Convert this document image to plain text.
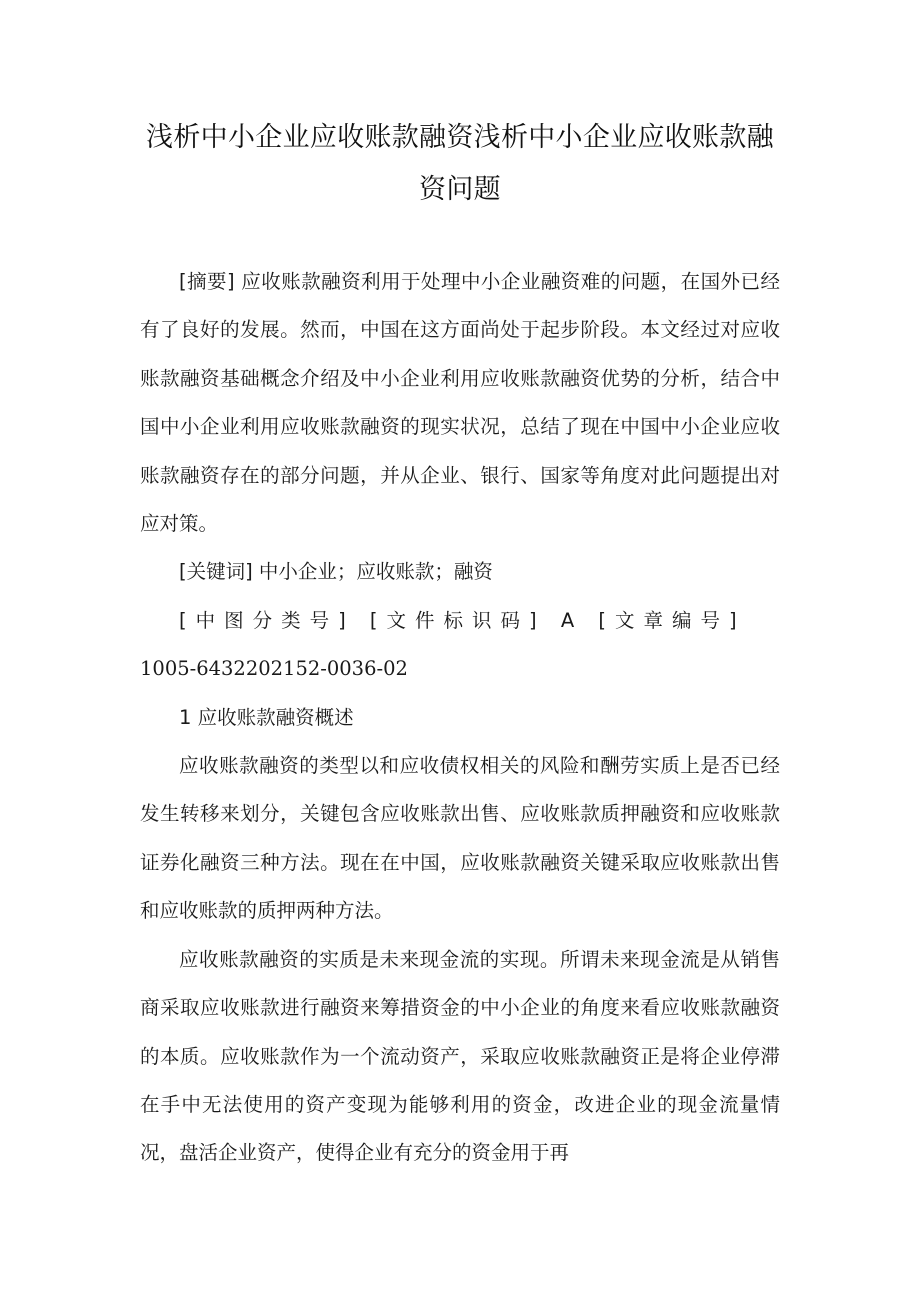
浅析中小企业应收账款融资浅析中小企业应收账款融资问题

[摘要] 应收账款融资利用于处理中小企业融资难的问题，在国外已经有了良好的发展。然而，中国在这方面尚处于起步阶段。本文经过对应收账款融资基础概念介绍及中小企业利用应收账款融资优势的分析，结合中国中小企业利用应收账款融资的现实状况，总结了现在中国中小企业应收账款融资存在的部分问题，并从企业、银行、国家等角度对此问题提出对应对策。

[关键词] 中小企业；应收账款；融资

[中图分类号] [文件标识码] A [文章编号]

1005-6432202152-0036-02

1 应收账款融资概述

应收账款融资的类型以和应收债权相关的风险和酬劳实质上是否已经发生转移来划分，关键包含应收账款出售、应收账款质押融资和应收账款证券化融资三种方法。现在在中国，应收账款融资关键采取应收账款出售和应收账款的质押两种方法。

应收账款融资的实质是未来现金流的实现。所谓未来现金流是从销售商采取应收账款进行融资来筹措资金的中小企业的角度来看应收账款融资的本质。应收账款作为一个流动资产，采取应收账款融资正是将企业停滞在手中无法使用的资产变现为能够利用的资金，改进企业的现金流量情况，盘活企业资产，使得企业有充分的资金用于再
